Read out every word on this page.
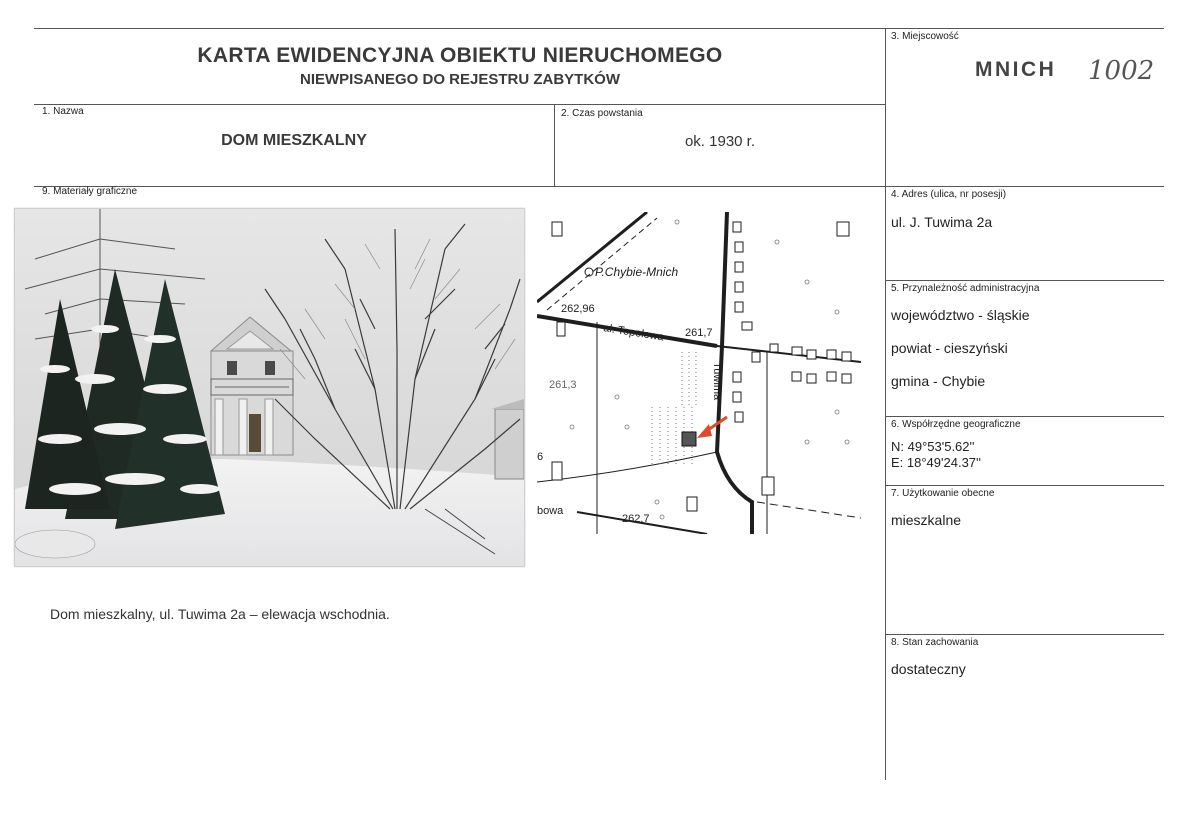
KARTA EWIDENCYJNA OBIEKTU NIERUCHOMEGO
NIEWPISANEGO DO REJESTRU ZABYTKÓW
3. Miejscowość
MNICH 1002
1. Nazwa
DOM MIESZKALNY
2. Czas powstania
ok. 1930 r.
9. Materiały graficzne	4. Adres (ulica, nr posesji)
ul. J. Tuwima 2a
5. Przynależność administracyjna
województwo - śląskie
powiat - cieszyński
gmina - Chybie
6. Współrzędne geograficzne
N: 49°53'5.62''
E: 18°49'24.37''
7. Użytkowanie obecne
mieszkalne
8. Stan zachowania
dostateczny
P.Chybie-Mnich
262,96
al. Topolowa 261,7
261,3	Tuwima
262,7
6
bowa
Dom mieszkalny, ul. Tuwima 2a – elewacja wschodnia.
